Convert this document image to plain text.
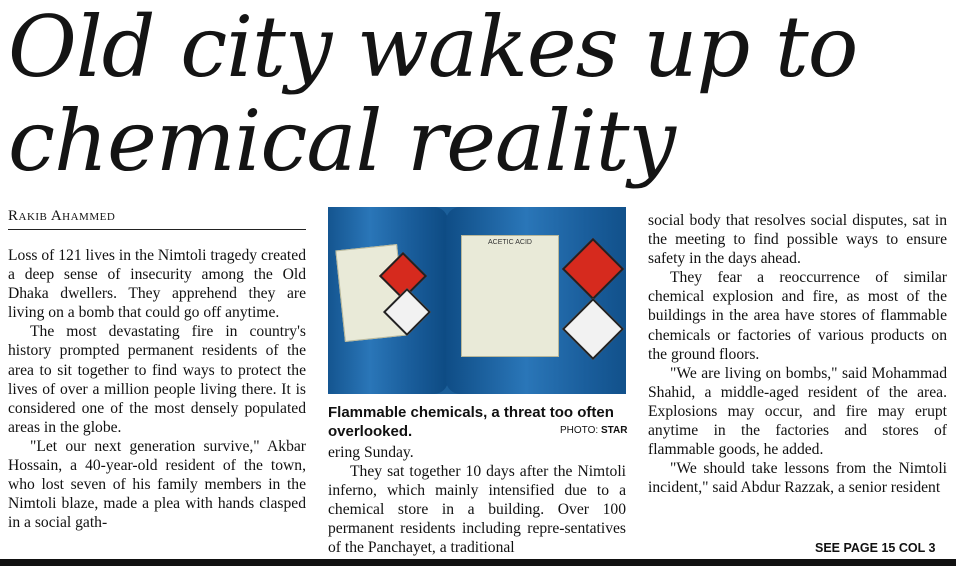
Old city wakes up to chemical reality
Rakib Ahammed

Loss of 121 lives in the Nimtoli tragedy created a deep sense of insecurity among the Old Dhaka dwellers. They apprehend they are living on a bomb that could go off anytime.

The most devastating fire in country's history prompted permanent residents of the area to sit together to find ways to protect the lives of over a million people living there. It is considered one of the most densely populated areas in the globe.

"Let our next generation survive," Akbar Hossain, a 40-year-old resident of the town, who lost seven of his family members in the Nimtoli blaze, made a plea with hands clasped in a social gath-

ACETIC ACID
Flammable chemicals, a threat too often overlooked.	PHOTO: STAR

ering Sunday.

They sat together 10 days after the Nimtoli inferno, which mainly intensified due to a chemical store in a building. Over 100 permanent residents including repre-sentatives of the Panchayet, a traditional

social body that resolves social disputes, sat in the meeting to find possible ways to ensure safety in the days ahead.

They fear a reoccurrence of similar chemical explosion and fire, as most of the buildings in the area have stores of flammable chemicals or factories of various products on the ground floors.

"We are living on bombs," said Mohammad Shahid, a middle-aged resident of the area. Explosions may occur, and fire may erupt anytime in the factories and stores of flammable goods, he added.

"We should take lessons from the Nimtoli incident," said Abdur Razzak, a senior resident

SEE PAGE 15 COL 3
